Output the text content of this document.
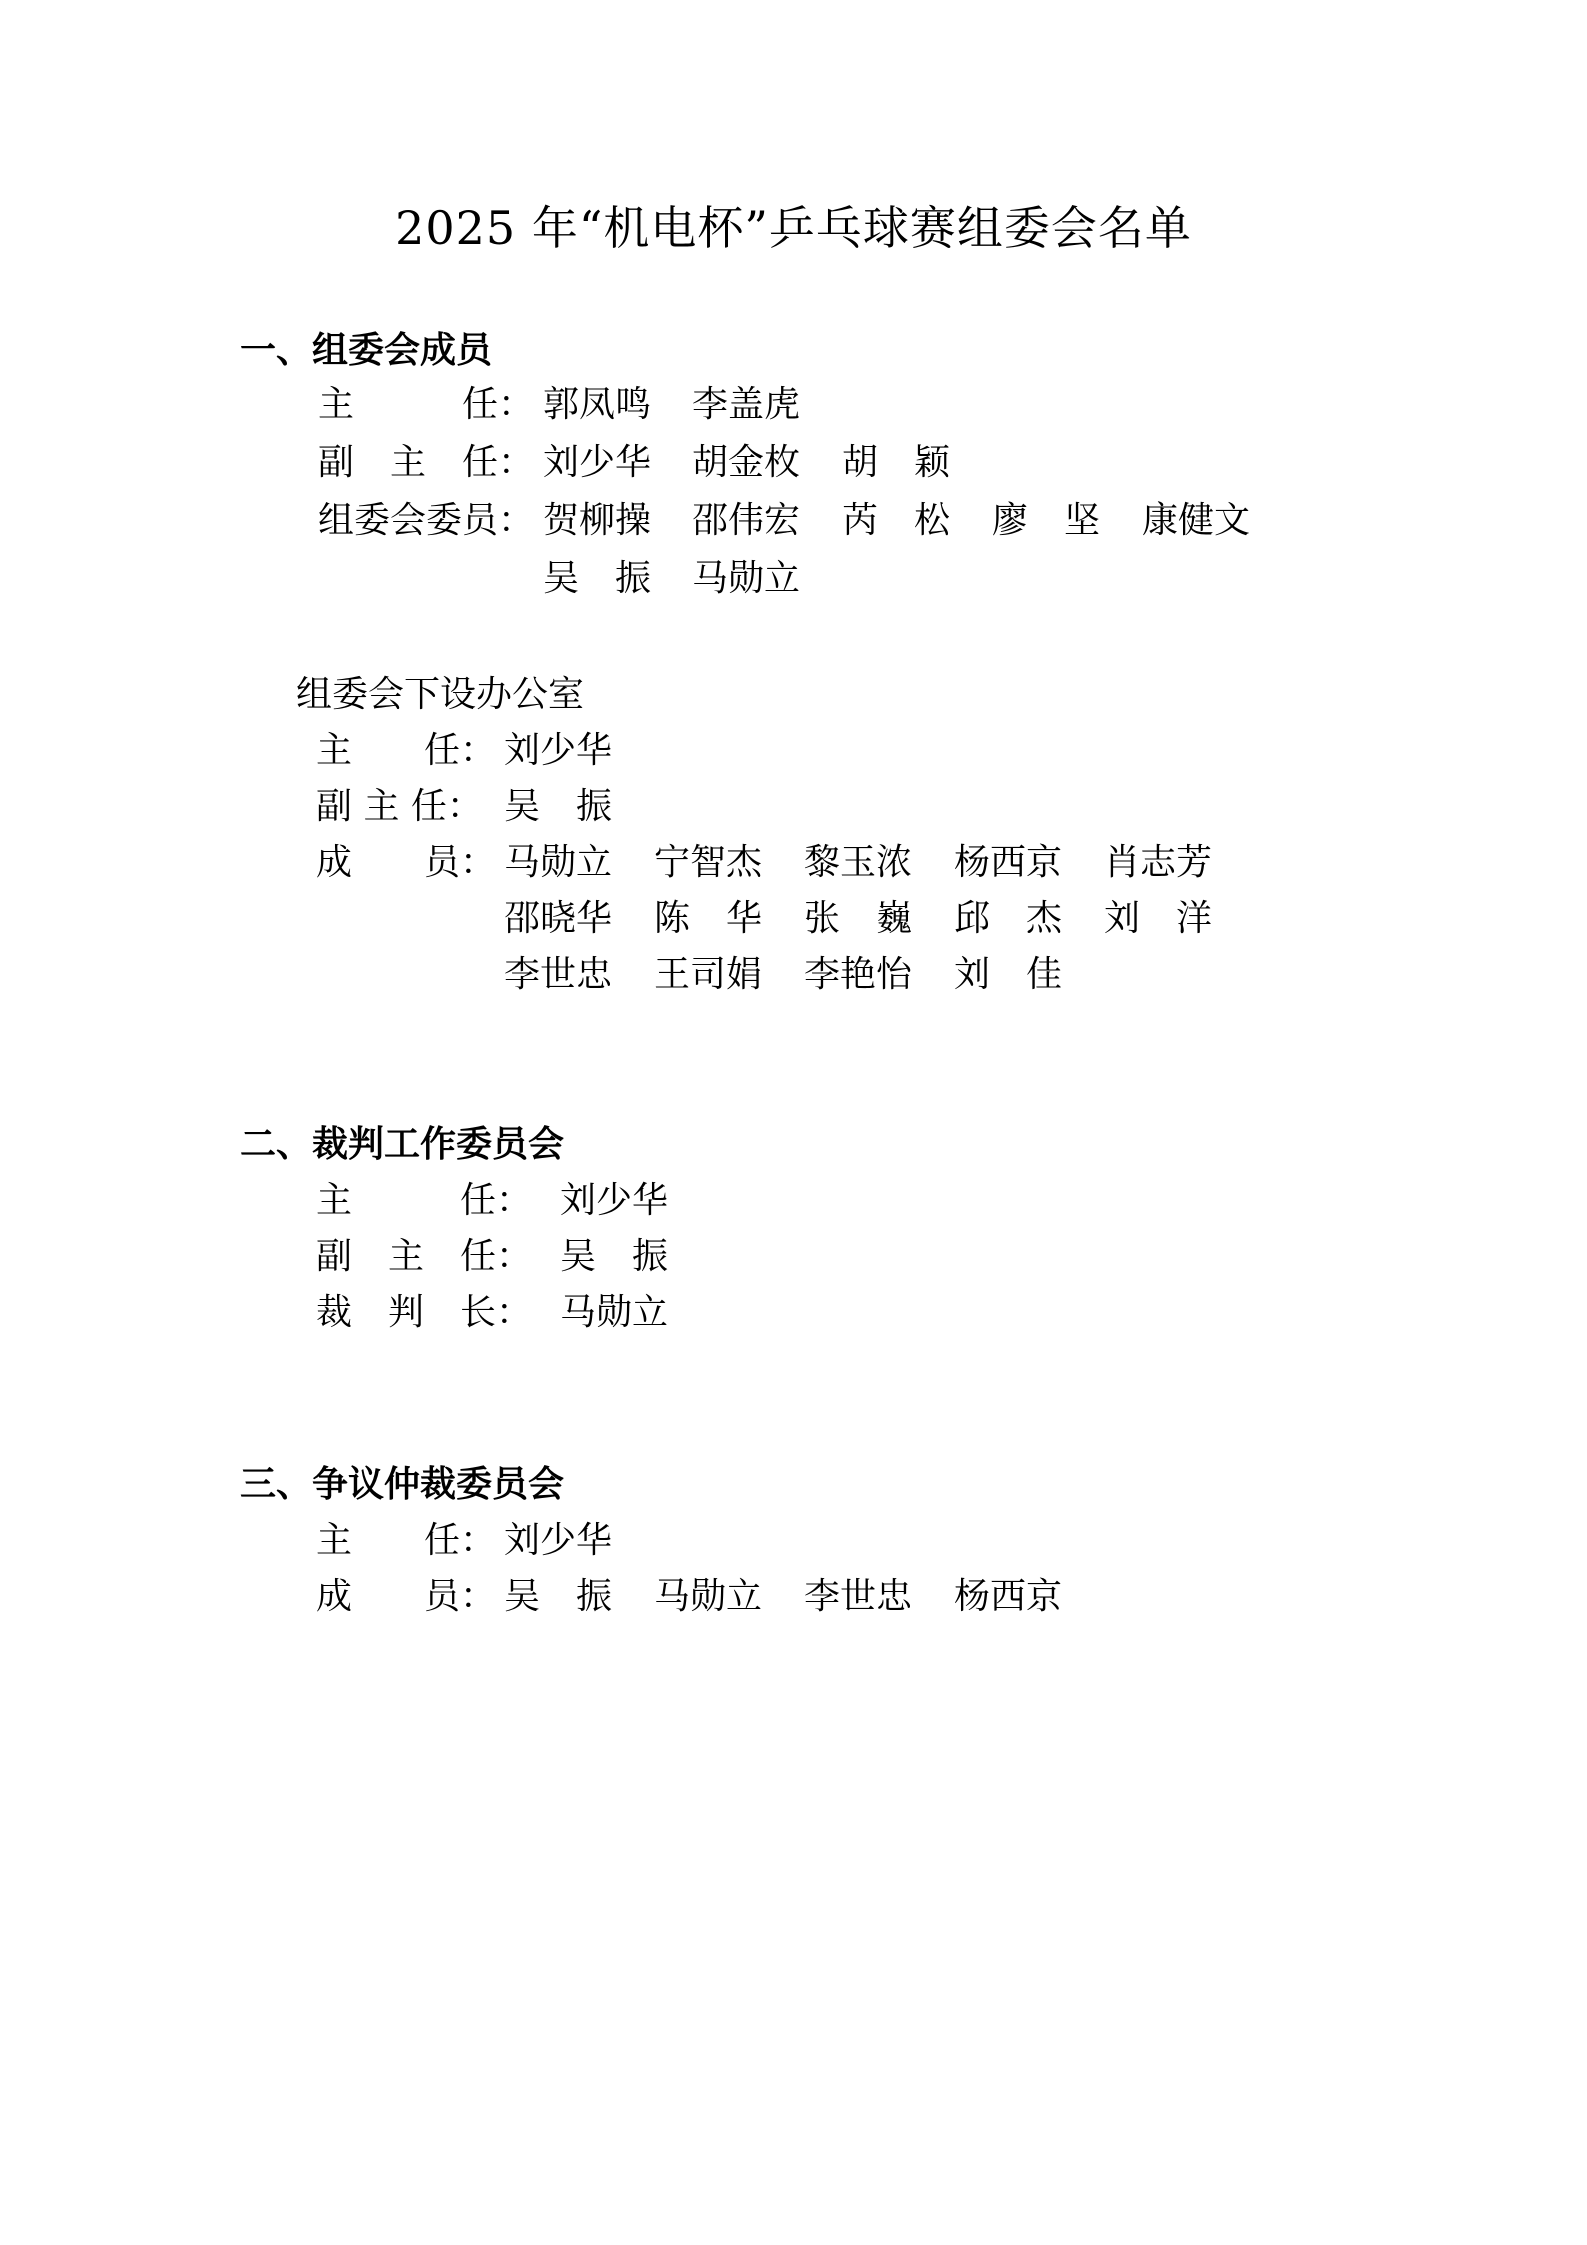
2025 年“机电杯”乒乓球赛组委会名单
一、组委会成员
主　　　任： 郭凤鸣 李盖虎
副　主　任： 刘少华 胡金枚 胡　颖
组委会委员： 贺柳操 邵伟宏 芮　松 廖　坚 康健文
吴　振 马勋立
组委会下设办公室
主　　任： 刘少华
副 主 任： 吴　振
成　　员： 马勋立 宁智杰 黎玉浓 杨西京 肖志芳
邵晓华 陈　华 张　巍 邱　杰 刘　洋
李世忠 王司娟 李艳怡 刘　佳
二、裁判工作委员会
主　　　任： 刘少华
副　主　任： 吴　振
裁　判　长： 马勋立
三、争议仲裁委员会
主　　任： 刘少华
成　　员： 吴　振 马勋立 李世忠 杨西京
